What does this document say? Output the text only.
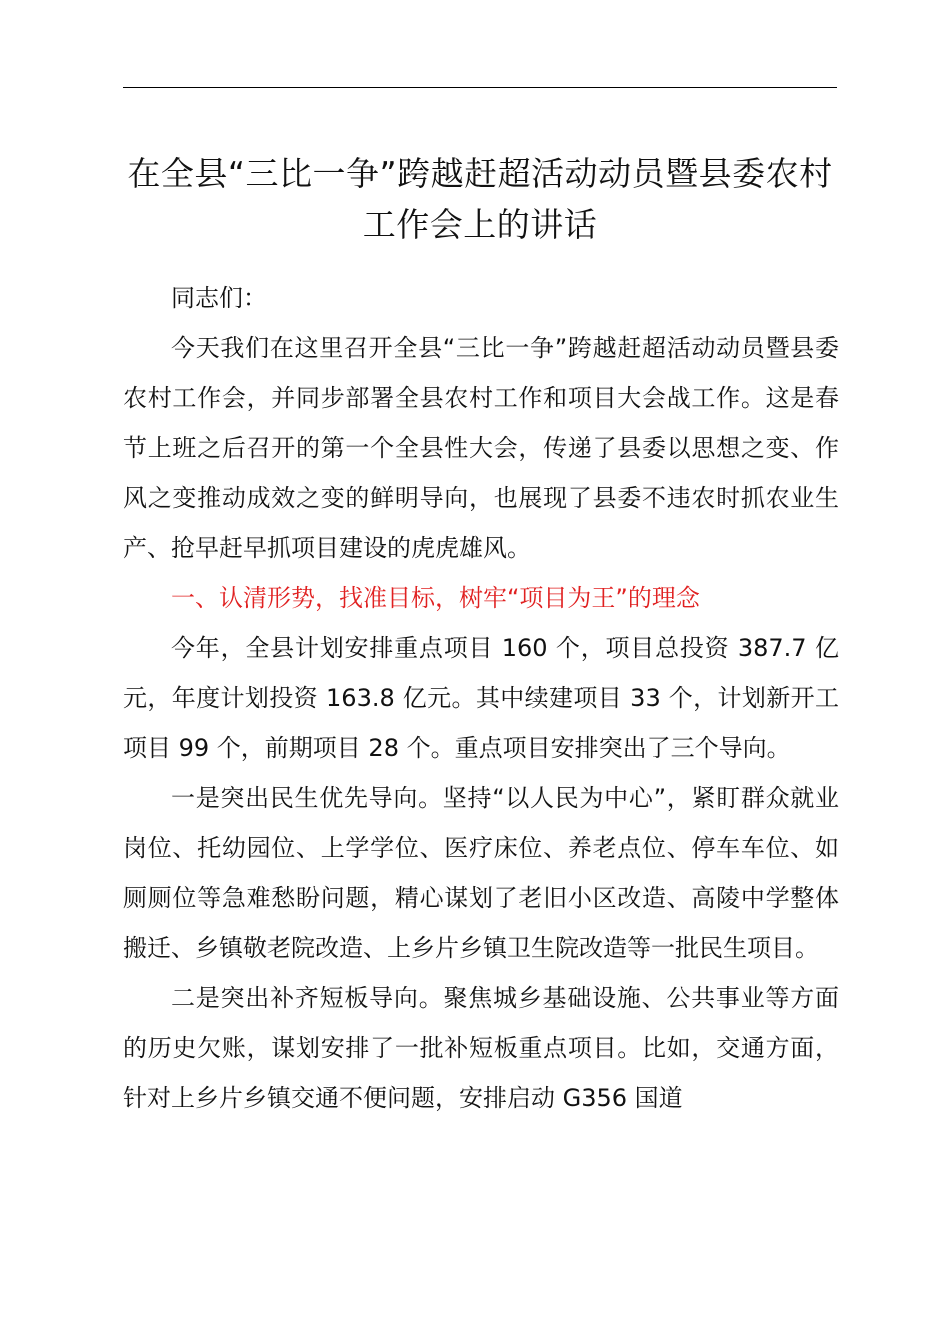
在全县“三比一争”跨越赶超活动动员暨县委农村工作会上的讲话

同志们：

今天我们在这里召开全县“三比一争”跨越赶超活动动员暨县委农村工作会，并同步部署全县农村工作和项目大会战工作。这是春节上班之后召开的第一个全县性大会，传递了县委以思想之变、作风之变推动成效之变的鲜明导向，也展现了县委不违农时抓农业生产、抢早赶早抓项目建设的虎虎雄风。

一、认清形势，找准目标，树牢“项目为王”的理念

今年，全县计划安排重点项目 160 个，项目总投资 387.7 亿元，年度计划投资 163.8 亿元。其中续建项目 33 个，计划新开工项目 99 个，前期项目 28 个。重点项目安排突出了三个导向。

一是突出民生优先导向。坚持“以人民为中心”，紧盯群众就业岗位、托幼园位、上学学位、医疗床位、养老点位、停车车位、如厕厕位等急难愁盼问题，精心谋划了老旧小区改造、高陵中学整体搬迁、乡镇敬老院改造、上乡片乡镇卫生院改造等一批民生项目。

二是突出补齐短板导向。聚焦城乡基础设施、公共事业等方面的历史欠账，谋划安排了一批补短板重点项目。比如，交通方面，针对上乡片乡镇交通不便问题，安排启动 G356 国道
